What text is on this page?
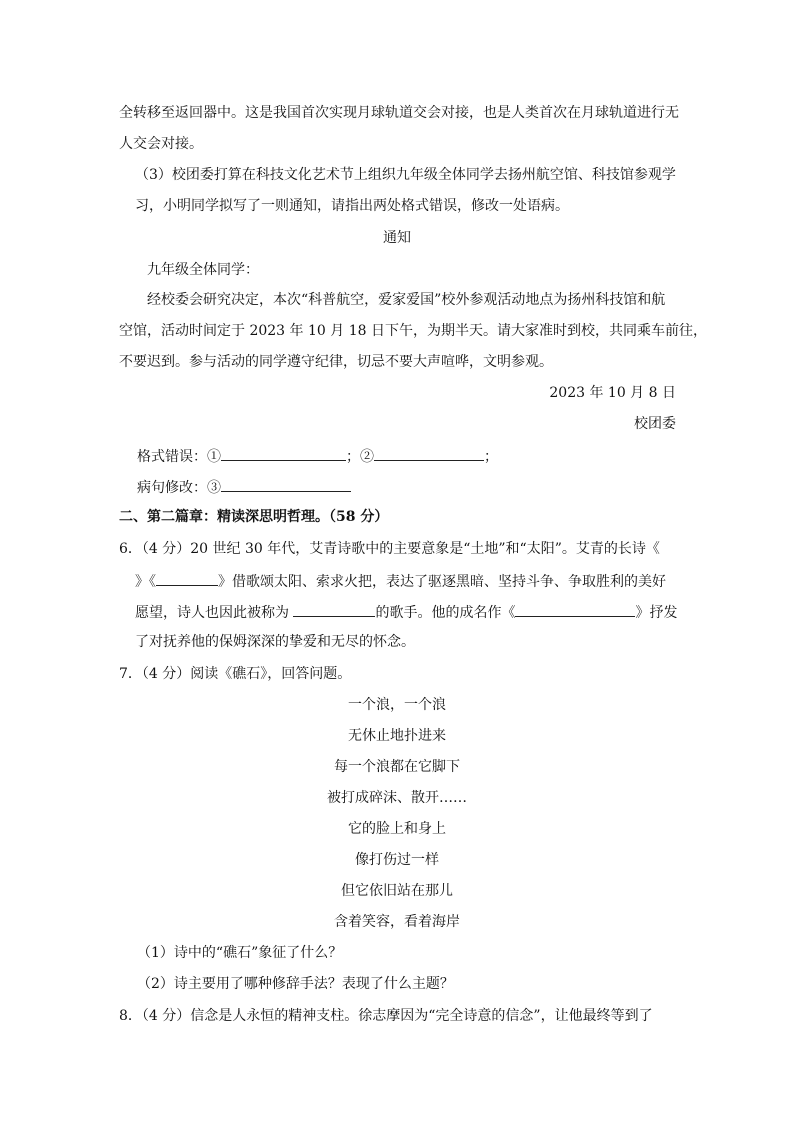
全转移至返回器中。这是我国首次实现月球轨道交会对接，也是人类首次在月球轨道进行无
人交会对接。
（3）校团委打算在科技文化艺术节上组织九年级全体同学去扬州航空馆、科技馆参观学
习，小明同学拟写了一则通知，请指出两处格式错误，修改一处语病。
通知
九年级全体同学：
经校委会研究决定，本次“科普航空，爱家爱国”校外参观活动地点为扬州科技馆和航
空馆，活动时间定于 2023 年 10 月 18 日下午，为期半天。请大家准时到校，共同乘车前往，
不要迟到。参与活动的同学遵守纪律，切忌不要大声喧哗，文明参观。
2023 年 10 月 8 日
校团委
格式错误：①	；②	；
病句修改：③
二、第二篇章：精读深思明哲理。（58 分）
6．（4 分）20 世纪 30 年代，艾青诗歌中的主要意象是“土地”和“太阳”。艾青的长诗《
》《	》借歌颂太阳、索求火把，表达了驱逐黑暗、坚持斗争、争取胜利的美好
愿望，诗人也因此被称为	的歌手。他的成名作《	》抒发
了对抚养他的保姆深深的挚爱和无尽的怀念。
7．（4 分）阅读《礁石》，回答问题。
一个浪，一个浪
无休止地扑进来
每一个浪都在它脚下
被打成碎沫、散开……
它的脸上和身上
像打伤过一样
但它依旧站在那儿
含着笑容，看着海岸
（1）诗中的“礁石”象征了什么？
（2）诗主要用了哪种修辞手法？表现了什么主题？
8．（4 分）信念是人永恒的精神支柱。徐志摩因为“完全诗意的信念”，让他最终等到了
